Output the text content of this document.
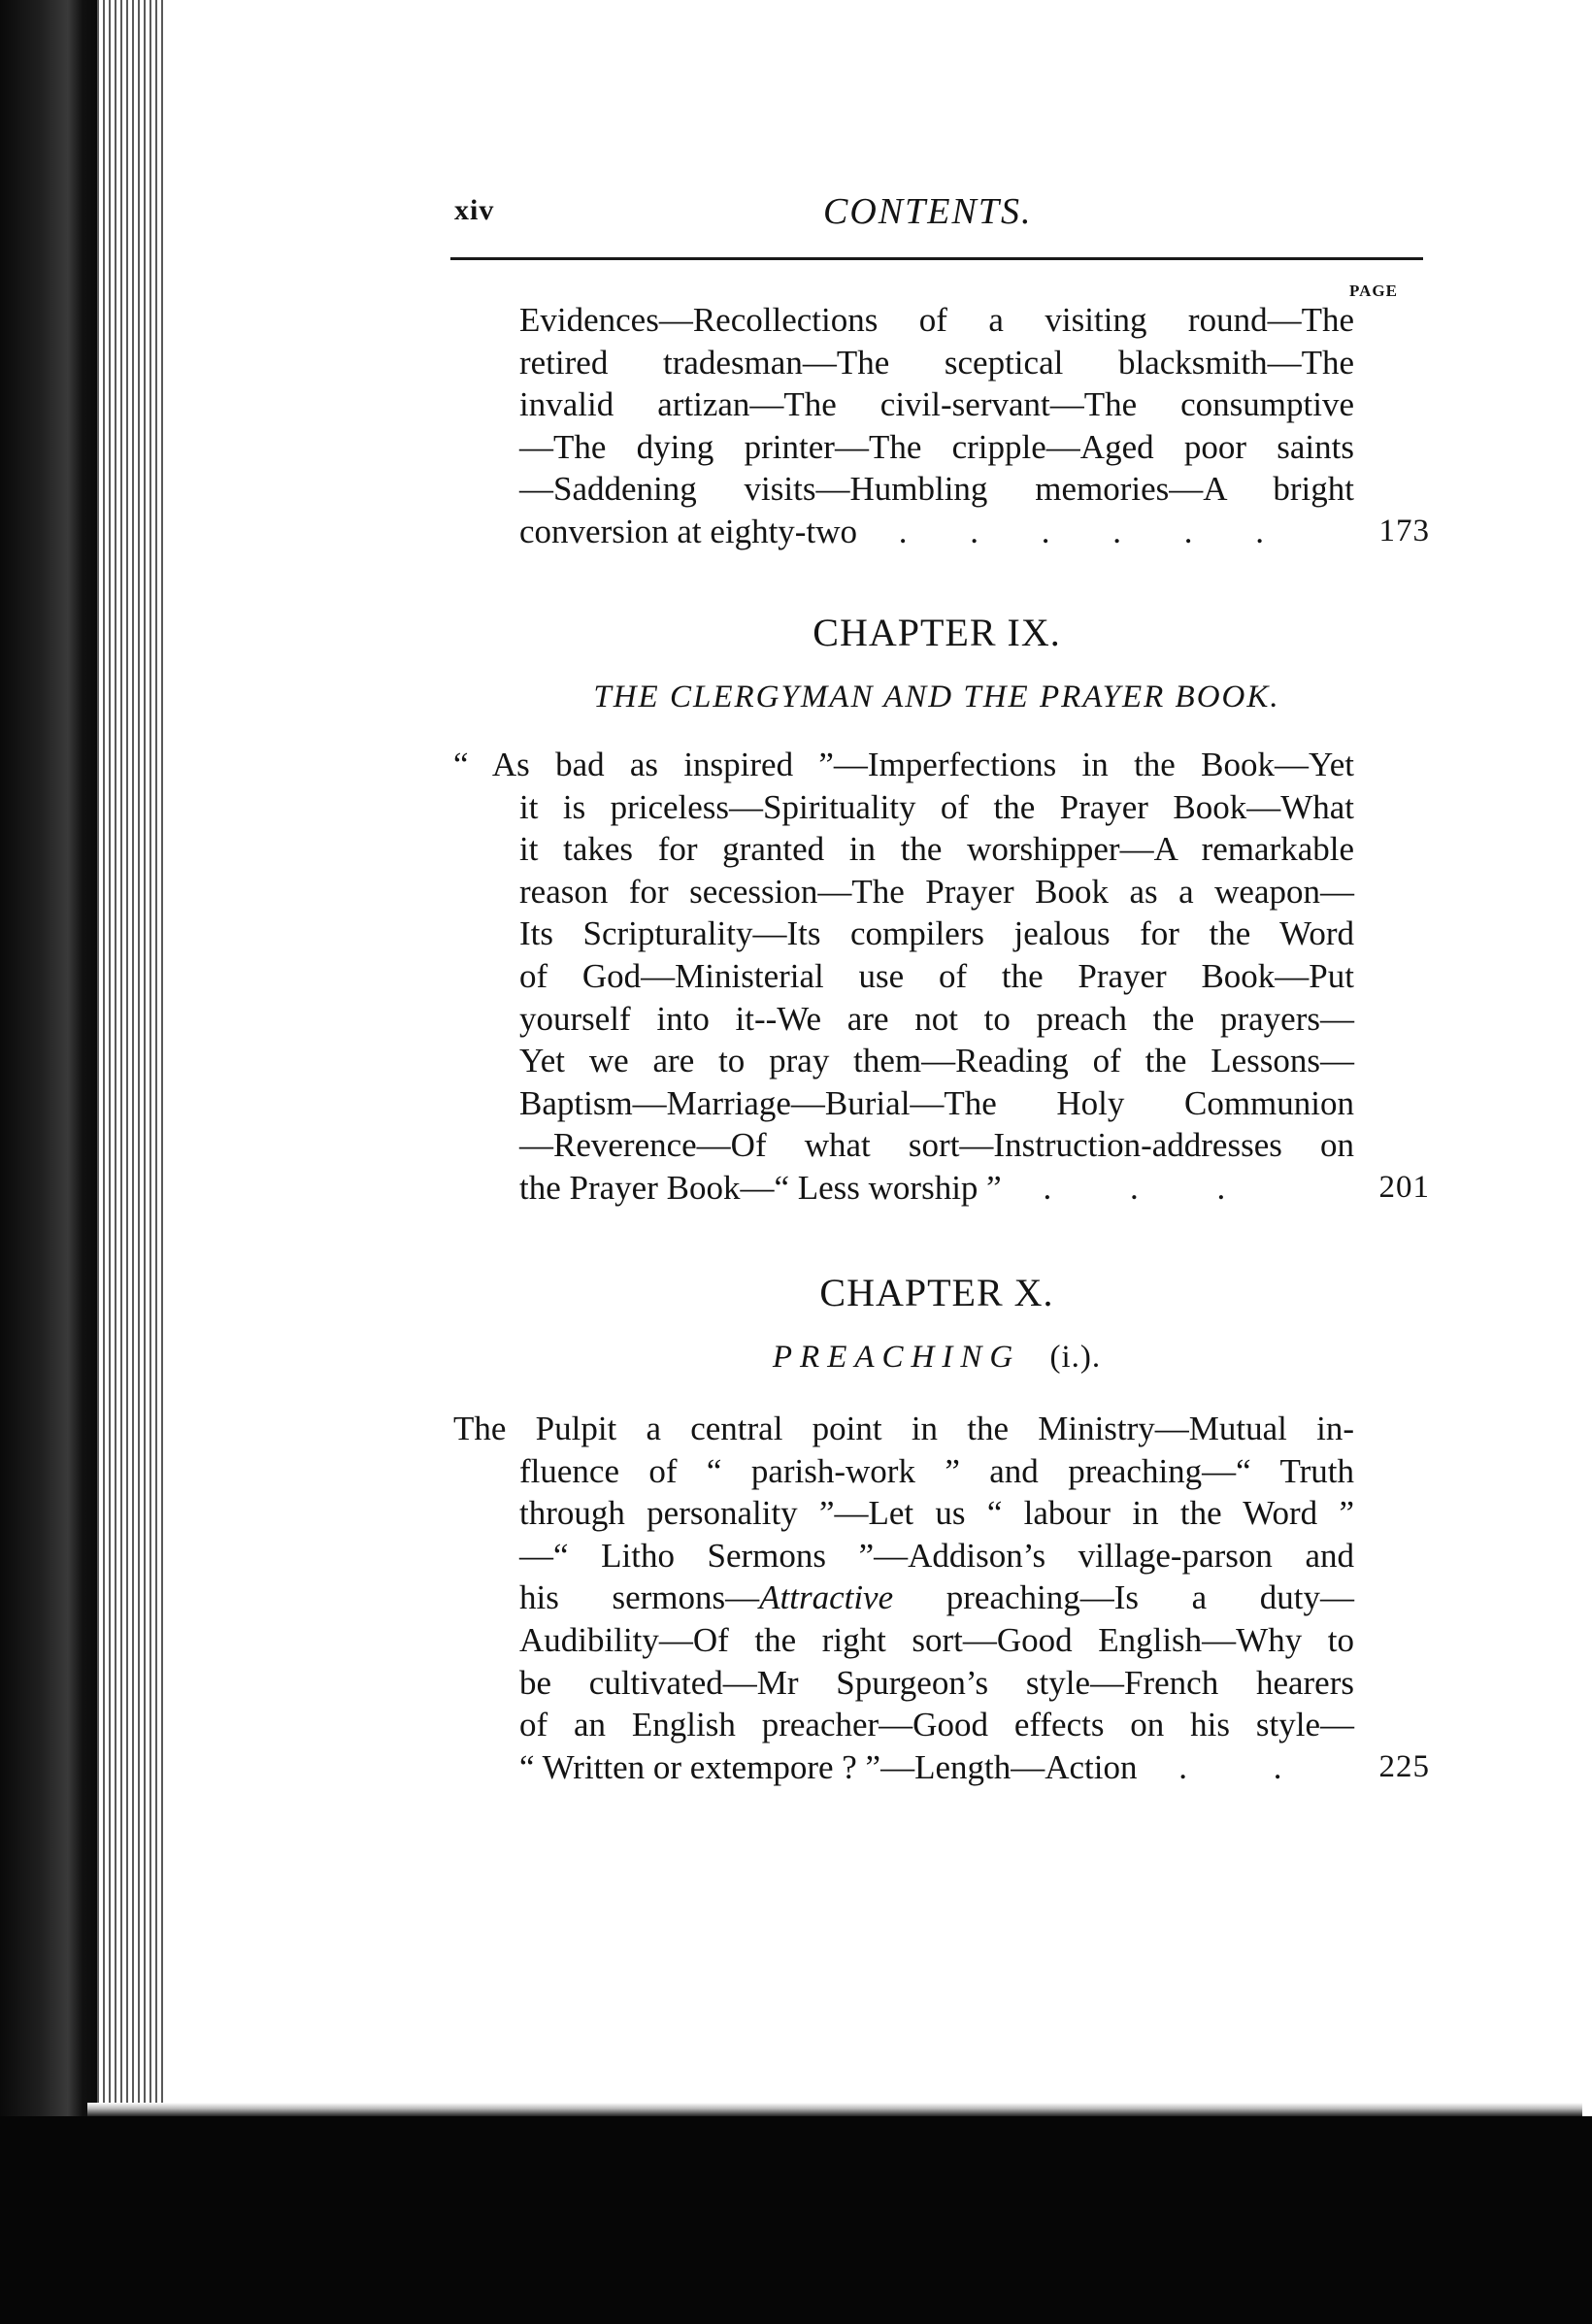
xiv	CONTENTS.
PAGE
Evidences—Recollections of a visiting round—The
retired tradesman—The sceptical blacksmith—The
invalid artizan—The civil-servant—The consumptive
—The dying printer—The cripple—Aged poor saints
—Saddening visits—Humbling memories—A bright
conversion at eighty-two . . . . . .	173
CHAPTER IX.
THE CLERGYMAN AND THE PRAYER BOOK.
“ As bad as inspired ”—Imperfections in the Book—Yet
it is priceless—Spirituality of the Prayer Book—What
it takes for granted in the worshipper—A remarkable
reason for secession—The Prayer Book as a weapon—
Its Scripturality—Its compilers jealous for the Word
of God—Ministerial use of the Prayer Book—Put
yourself into it--We are not to preach the prayers—
Yet we are to pray them—Reading of the Lessons—
Baptism—Marriage—Burial—The Holy Communion
—Reverence—Of what sort—Instruction-addresses on
the Prayer Book—“ Less worship ” . . .	201
CHAPTER X.
PREACHING (i.).
The Pulpit a central point in the Ministry—Mutual in-
fluence of “ parish-work ” and preaching—“ Truth
through personality ”—Let us “ labour in the Word ”
—“ Litho Sermons ”—Addison’s village-parson and
his sermons—Attractive preaching—Is a duty—
Audibility—Of the right sort—Good English—Why to
be cultivated—Mr Spurgeon’s style—French hearers
of an English preacher—Good effects on his style—
“ Written or extempore ? ”—Length—Action . . 225
